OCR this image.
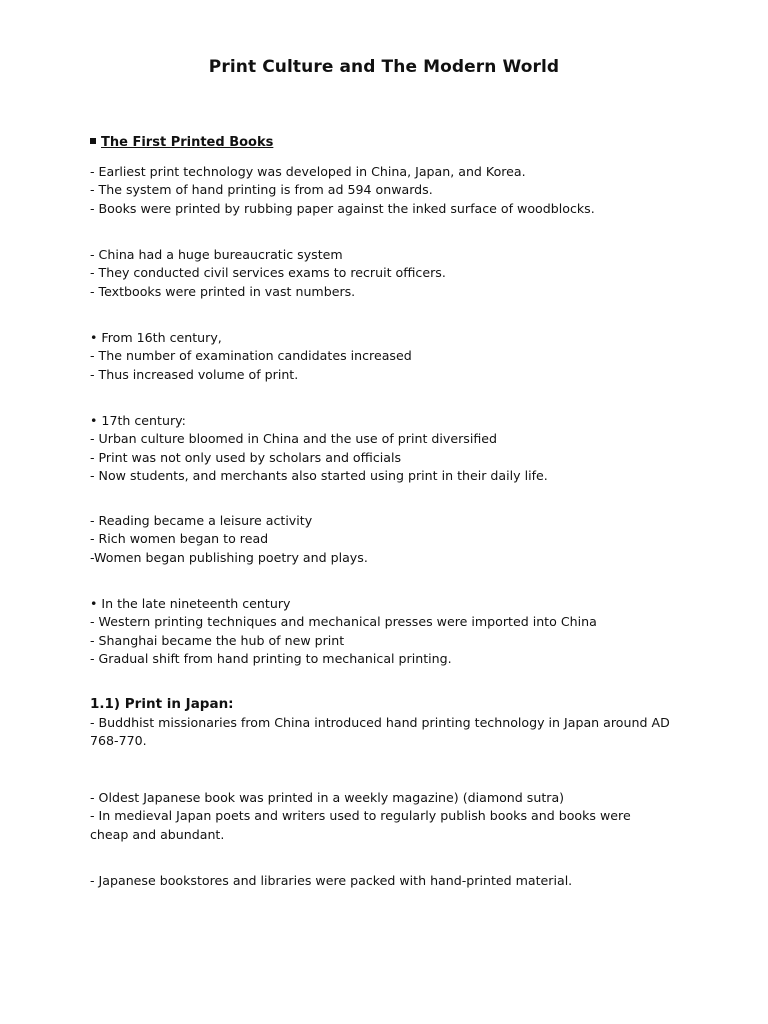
Print Culture and The Modern World
The First Printed Books
- Earliest print technology was developed in China, Japan, and Korea.
- The system of hand printing is from ad 594 onwards.
- Books were printed by rubbing paper against the inked surface of woodblocks.
- China had a huge bureaucratic system
- They conducted civil services exams to recruit officers.
- Textbooks were printed in vast numbers.
• From 16th century,
- The number of examination candidates increased
- Thus increased volume of print.
• 17th century:
- Urban culture bloomed in China and the use of print diversified
- Print was not only used by scholars and officials
- Now students, and merchants also started using print in their daily life.
- Reading became a leisure activity
- Rich women began to read
-Women began publishing poetry and plays.
• In the late nineteenth century
- Western printing techniques and mechanical presses were imported into China
- Shanghai became the hub of new print
- Gradual shift from hand printing to mechanical printing.
1.1) Print in Japan:
- Buddhist missionaries from China introduced hand printing technology in Japan around AD 768-770.
- Oldest Japanese book was printed in a weekly magazine) (diamond sutra)
- In medieval Japan poets and writers used to regularly publish books and books were cheap and abundant.
- Japanese bookstores and libraries were packed with hand-printed material.
